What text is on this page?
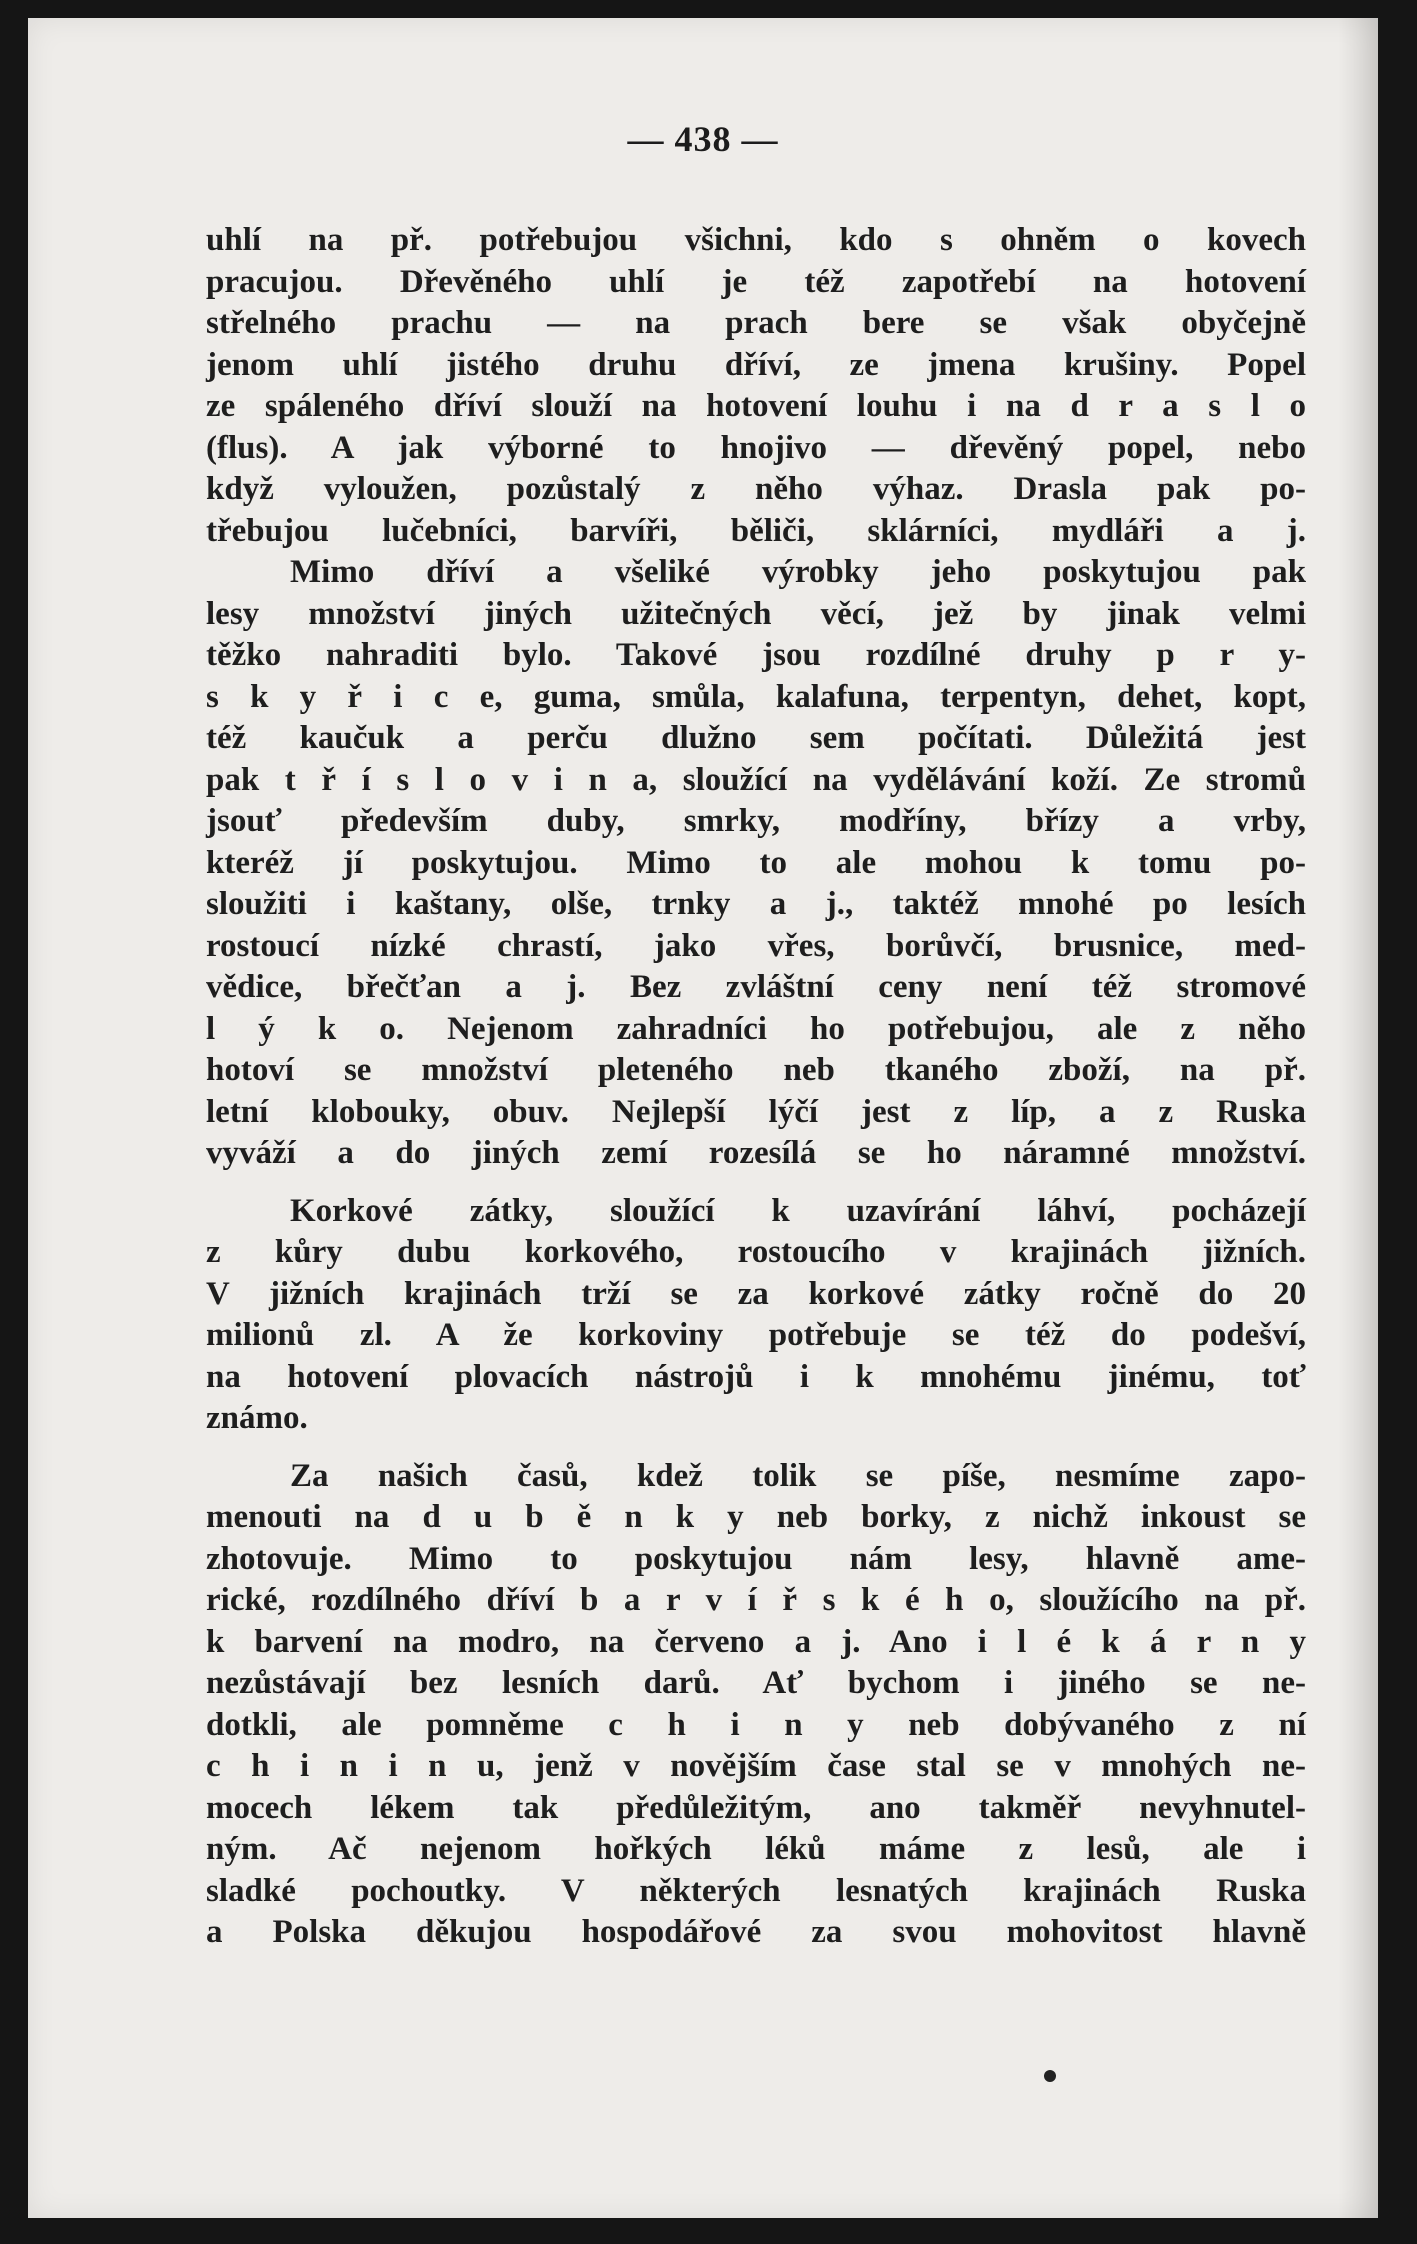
— 438 —

uhlí na př. potřebujou všichni, kdo s ohněm o kovech
pracujou. Dřevěného uhlí je též zapotřebí na hotovení
střelného prachu — na prach bere se však obyčejně
jenom uhlí jistého druhu dříví, ze jmena krušiny. Popel
ze spáleného dříví slouží na hotovení louhu i na d r a s l o
(flus). A jak výborné to hnojivo — dřevěný popel, nebo
když vyloužen, pozůstalý z něho výhaz. Drasla pak po-
třebujou lučebníci, barvíři, běliči, sklárníci, mydláři a j.

Mimo dříví a všeliké výrobky jeho poskytujou pak
lesy množství jiných užitečných věcí, jež by jinak velmi
těžko nahraditi bylo. Takové jsou rozdílné druhy p r y-
s k y ř i c e, guma, smůla, kalafuna, terpentyn, dehet, kopt,
též kaučuk a perču dlužno sem počítati. Důležitá jest
pak t ř í s l o v i n a, sloužící na vydělávání koží. Ze stromů
jsouť především duby, smrky, modříny, břízy a vrby,
kteréž jí poskytujou. Mimo to ale mohou k tomu po-
sloužiti i kaštany, olše, trnky a j., taktéž mnohé po lesích
rostoucí nízké chrastí, jako vřes, borůvčí, brusnice, med-
vědice, břečťan a j. Bez zvláštní ceny není též stromové
l ý k o. Nejenom zahradníci ho potřebujou, ale z něho
hotoví se množství pleteného neb tkaného zboží, na př.
letní klobouky, obuv. Nejlepší lýčí jest z líp, a z Ruska
vyváží a do jiných zemí rozesílá se ho náramné množství.

Korkové zátky, sloužící k uzavírání láhví, pocházejí
z kůry dubu korkového, rostoucího v krajinách jižních.
V jižních krajinách trží se za korkové zátky ročně do 20
milionů zl. A že korkoviny potřebuje se též do podešví,
na hotovení plovacích nástrojů i k mnohému jinému, toť
známo.

Za našich časů, kdež tolik se píše, nesmíme zapo-
menouti na d u b ě n k y neb borky, z nichž inkoust se
zhotovuje. Mimo to poskytujou nám lesy, hlavně ame-
rické, rozdílného dříví b a r v í ř s k é h o, sloužícího na př.
k barvení na modro, na červeno a j. Ano i l é k á r n y
nezůstávají bez lesních darů. Ať bychom i jiného se ne-
dotkli, ale pomněme c h i n y neb dobývaného z ní
c h i n i n u, jenž v novějším čase stal se v mnohých ne-
mocech lékem tak předůležitým, ano takměř nevyhnutel-
ným. Ač nejenom hořkých léků máme z lesů, ale i
sladké pochoutky. V některých lesnatých krajinách Ruska
a Polska děkujou hospodářové za svou mohovitost hlavně
